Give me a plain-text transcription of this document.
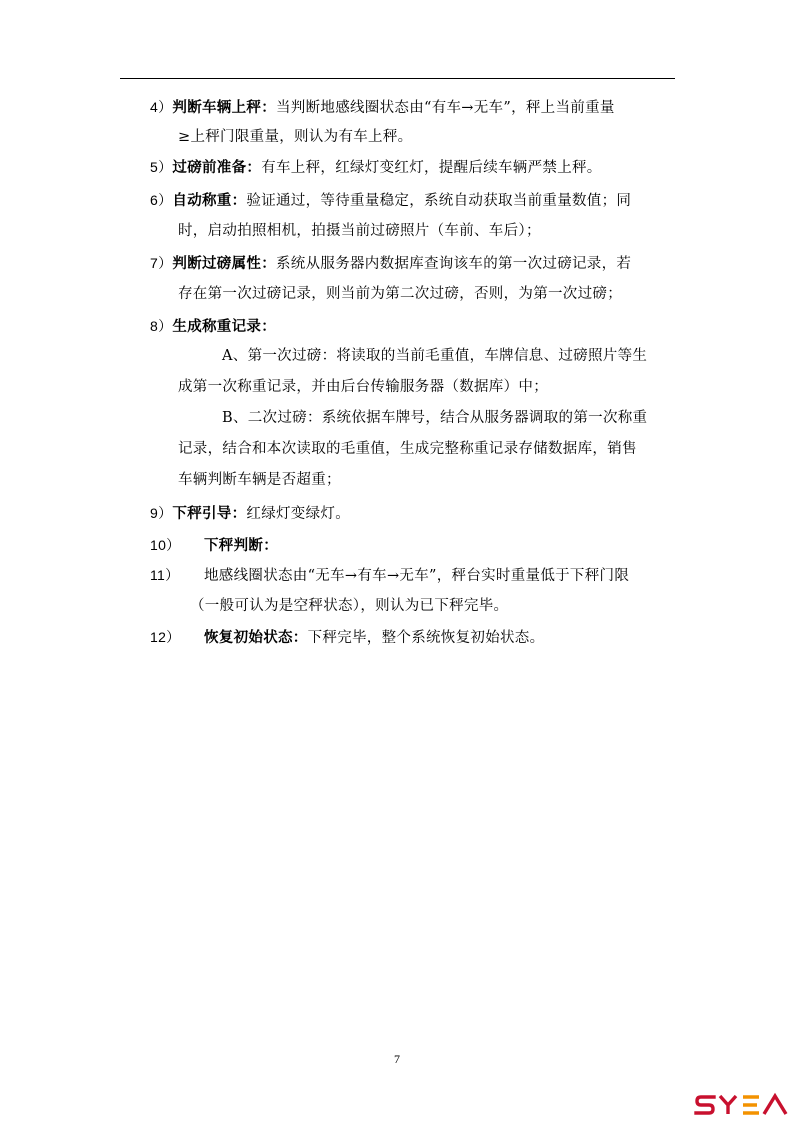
4）判断车辆上秤：当判断地感线圈状态由“有车→无车”，秤上当前重量
≥上秤门限重量，则认为有车上秤。
5）过磅前准备：有车上秤，红绿灯变红灯，提醒后续车辆严禁上秤。
6）自动称重：验证通过，等待重量稳定，系统自动获取当前重量数值；同
时，启动拍照相机，拍摄当前过磅照片（车前、车后）；
7）判断过磅属性：系统从服务器内数据库查询该车的第一次过磅记录，若
存在第一次过磅记录，则当前为第二次过磅，否则，为第一次过磅；
8）生成称重记录：
A、第一次过磅：将读取的当前毛重值，车牌信息、过磅照片等生
成第一次称重记录，并由后台传输服务器（数据库）中；
B、二次过磅：系统依据车牌号，结合从服务器调取的第一次称重
记录，结合和本次读取的毛重值，生成完整称重记录存储数据库，销售
车辆判断车辆是否超重；
9）下秤引导：红绿灯变绿灯。
10） 下秤判断：
11） 地感线圈状态由“无车→有车→无车”，秤台实时重量低于下秤门限
（一般可认为是空秤状态），则认为已下秤完毕。
12） 恢复初始状态：下秤完毕，整个系统恢复初始状态。
7
